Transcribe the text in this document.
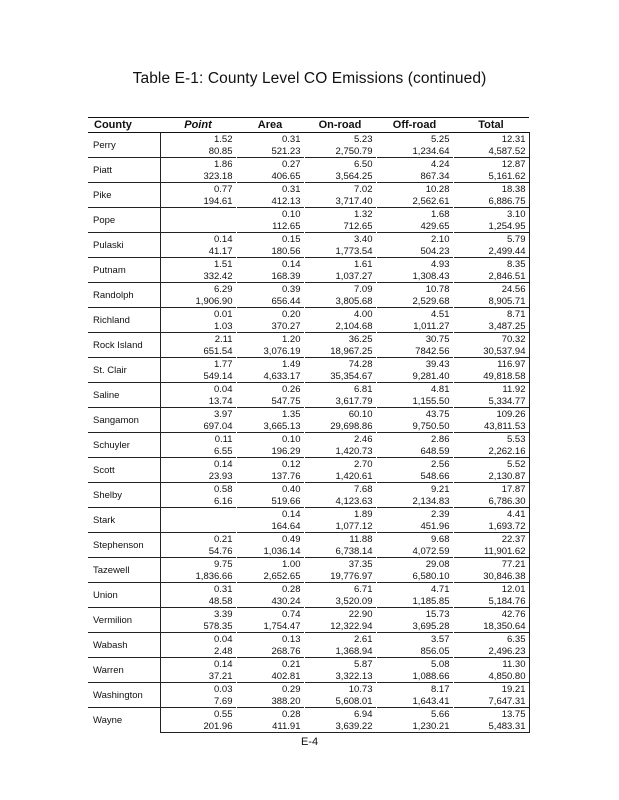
Table E-1: County Level CO Emissions (continued)
County	Point	Area	On-road	Off-road	Total
Perry	1.52	0.31	5.23	5.25	12.31
	80.85	521.23	2,750.79	1,234.64	4,587.52
Piatt	1.86	0.27	6.50	4.24	12.87
	323.18	406.65	3,564.25	867.34	5,161.62
Pike	0.77	0.31	7.02	10.28	18.38
	194.61	412.13	3,717.40	2,562.61	6,886.75
Pope		0.10	1.32	1.68	3.10
		112.65	712.65	429.65	1,254.95
Pulaski	0.14	0.15	3.40	2.10	5.79
	41.17	180.56	1,773.54	504.23	2,499.44
Putnam	1.51	0.14	1.61	4.93	8.35
	332.42	168.39	1,037.27	1,308.43	2,846.51
Randolph	6.29	0.39	7.09	10.78	24.56
	1,906.90	656.44	3,805.68	2,529.68	8,905.71
Richland	0.01	0.20	4.00	4.51	8.71
	1.03	370.27	2,104.68	1,011.27	3,487.25
Rock Island	2.11	1.20	36.25	30.75	70.32
	651.54	3,076.19	18,967.25	7842.56	30,537.94
St. Clair	1.77	1.49	74.28	39.43	116.97
	549.14	4,633.17	35,354.67	9,281.40	49,818.58
Saline	0.04	0.26	6.81	4.81	11.92
	13.74	547.75	3,617.79	1,155.50	5,334.77
Sangamon	3.97	1.35	60.10	43.75	109.26
	697.04	3,665.13	29,698.86	9,750.50	43,811.53
Schuyler	0.11	0.10	2.46	2.86	5.53
	6.55	196.29	1,420.73	648.59	2,262.16
Scott	0.14	0.12	2.70	2.56	5.52
	23.93	137.76	1,420.61	548.66	2,130.87
Shelby	0.58	0.40	7.68	9.21	17.87
	6.16	519.66	4,123.63	2,134.83	6,786.30
Stark		0.14	1.89	2.39	4.41
		164.64	1,077.12	451.96	1,693.72
Stephenson	0.21	0.49	11.88	9.68	22.37
	54.76	1,036.14	6,738.14	4,072.59	11,901.62
Tazewell	9.75	1.00	37.35	29.08	77.21
	1,836.66	2,652.65	19,776.97	6,580.10	30,846.38
Union	0.31	0.28	6.71	4.71	12.01
	48.58	430.24	3,520.09	1,185.85	5,184.76
Vermilion	3.39	0.74	22.90	15.73	42.76
	578.35	1,754.47	12,322.94	3,695.28	18,350.64
Wabash	0.04	0.13	2.61	3.57	6.35
	2.48	268.76	1,368.94	856.05	2,496.23
Warren	0.14	0.21	5.87	5.08	11.30
	37.21	402.81	3,322.13	1,088.66	4,850.80
Washington	0.03	0.29	10.73	8.17	19.21
	7.69	388.20	5,608.01	1,643.41	7,647.31
Wayne	0.55	0.28	6.94	5.66	13.75
	201.96	411.91	3,639.22	1,230.21	5,483.31
E-4
